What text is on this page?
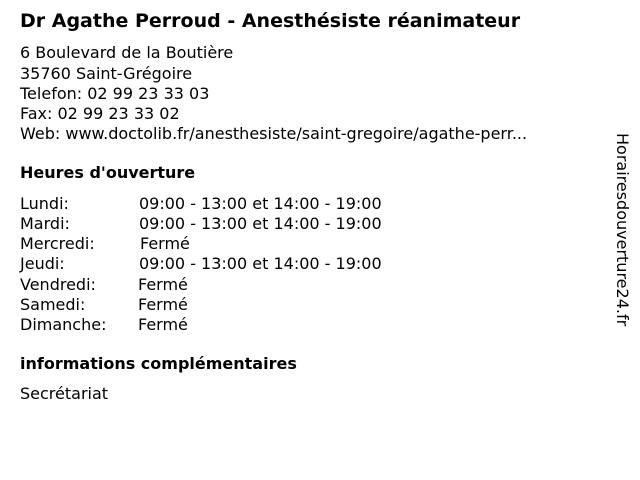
Dr Agathe Perroud - Anesthésiste réanimateur
6 Boulevard de la Boutière
35760 Saint-Grégoire
Telefon: 02 99 23 33 03
Fax: 02 99 23 33 02
Web: www.doctolib.fr/anesthesiste/saint-gregoire/agathe-perr...
Heures d'ouverture
Lundi:	09:00 - 13:00 et 14:00 - 19:00
Mardi:	09:00 - 13:00 et 14:00 - 19:00
Mercredi:	Fermé
Jeudi:	09:00 - 13:00 et 14:00 - 19:00
Vendredi:	Fermé
Samedi:	Fermé
Dimanche: Fermé
informations complémentaires
Secrétariat
Horairesdouverture24.fr
